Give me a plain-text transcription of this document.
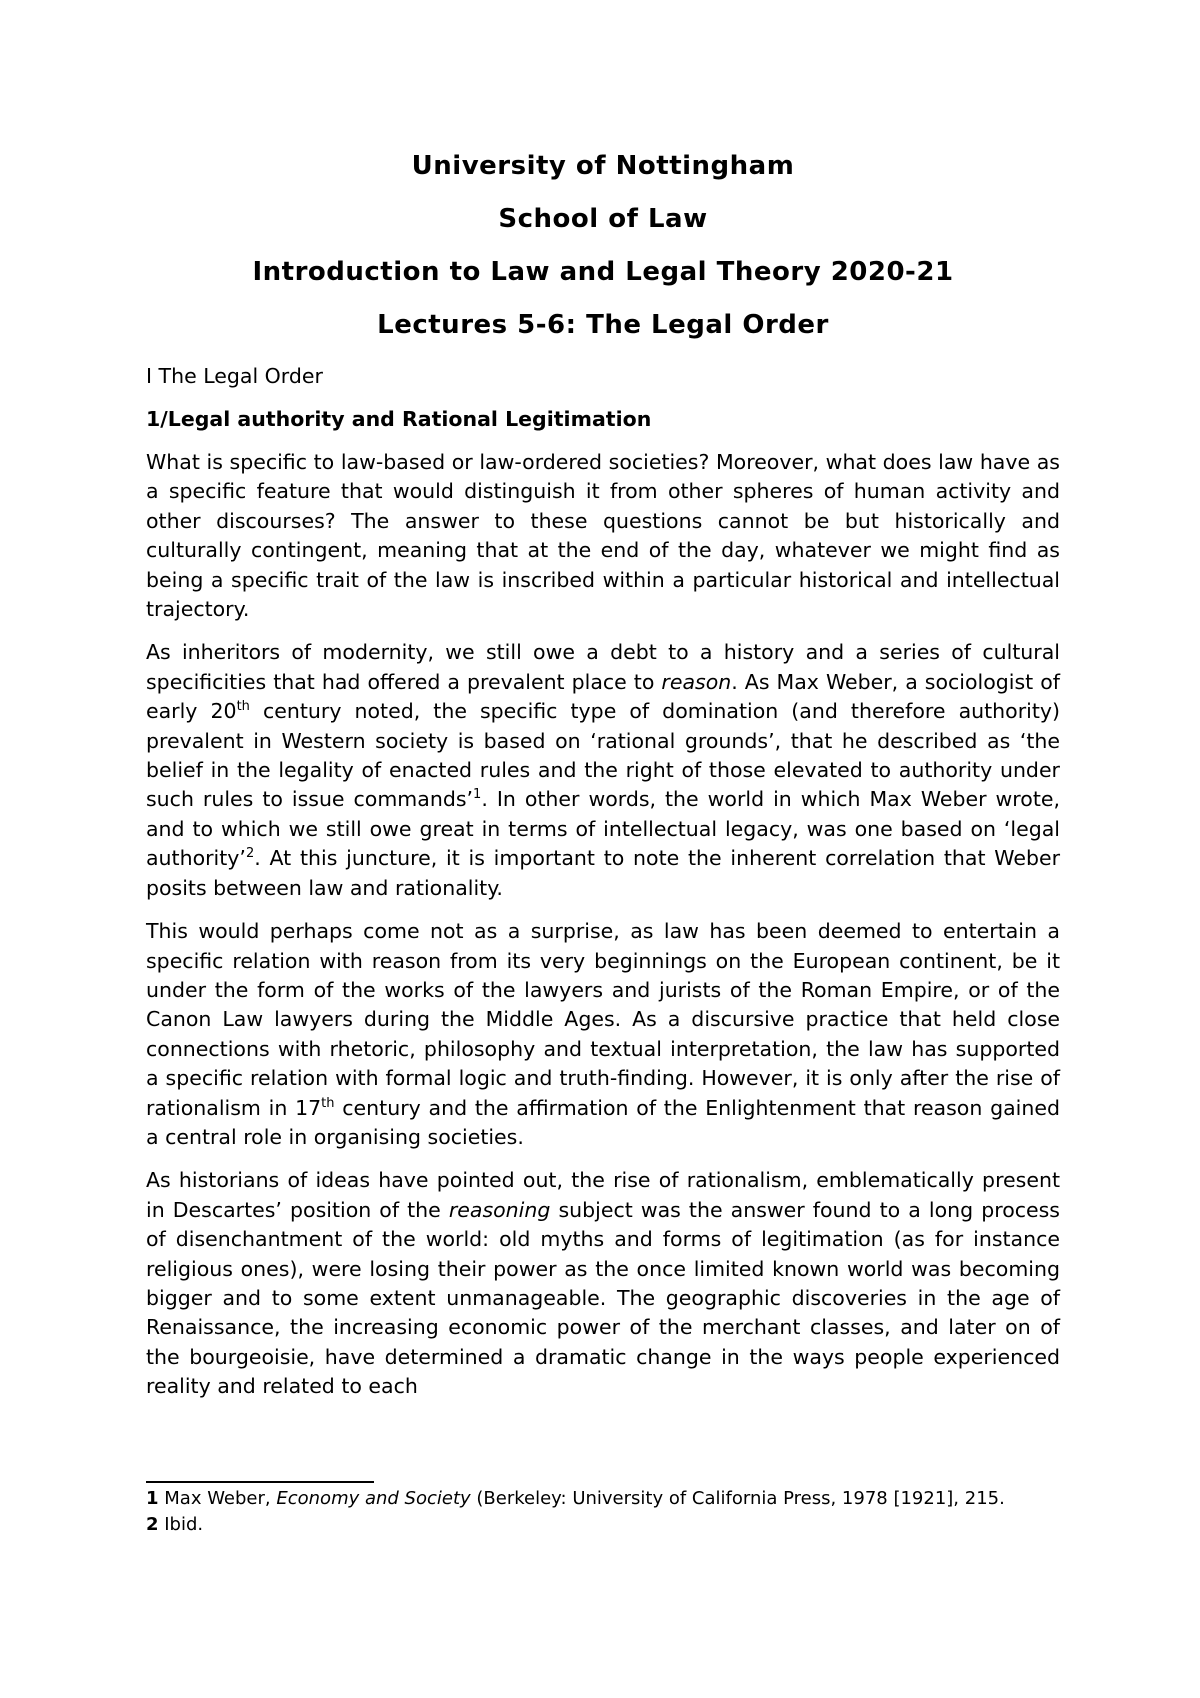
University of Nottingham
School of Law
Introduction to Law and Legal Theory 2020-21
Lectures 5-6: The Legal Order

I The Legal Order

1/Legal authority and Rational Legitimation

What is specific to law-based or law-ordered societies? Moreover, what does law have as a specific feature that would distinguish it from other spheres of human activity and other discourses? The answer to these questions cannot be but historically and culturally contingent, meaning that at the end of the day, whatever we might find as being a specific trait of the law is inscribed within a particular historical and intellectual trajectory.

As inheritors of modernity, we still owe a debt to a history and a series of cultural specificities that had offered a prevalent place to reason. As Max Weber, a sociologist of early 20th century noted, the specific type of domination (and therefore authority) prevalent in Western society is based on ‘rational grounds’, that he described as ‘the belief in the legality of enacted rules and the right of those elevated to authority under such rules to issue commands’$^1$. In other words, the world in which Max Weber wrote, and to which we still owe great in terms of intellectual legacy, was one based on ‘legal authority’$^2$. At this juncture, it is important to note the inherent correlation that Weber posits between law and rationality.

This would perhaps come not as a surprise, as law has been deemed to entertain a specific relation with reason from its very beginnings on the European continent, be it under the form of the works of the lawyers and jurists of the Roman Empire, or of the Canon Law lawyers during the Middle Ages. As a discursive practice that held close connections with rhetoric, philosophy and textual interpretation, the law has supported a specific relation with formal logic and truth-finding. However, it is only after the rise of rationalism in 17th century and the affirmation of the Enlightenment that reason gained a central role in organising societies.

As historians of ideas have pointed out, the rise of rationalism, emblematically present in Descartes’ position of the reasoning subject was the answer found to a long process of disenchantment of the world: old myths and forms of legitimation (as for instance religious ones), were losing their power as the once limited known world was becoming bigger and to some extent unmanageable. The geographic discoveries in the age of Renaissance, the increasing economic power of the merchant classes, and later on of the bourgeoisie, have determined a dramatic change in the ways people experienced reality and related to each

1 Max Weber, Economy and Society (Berkeley: University of California Press, 1978 [1921], 215.
2 Ibid.
